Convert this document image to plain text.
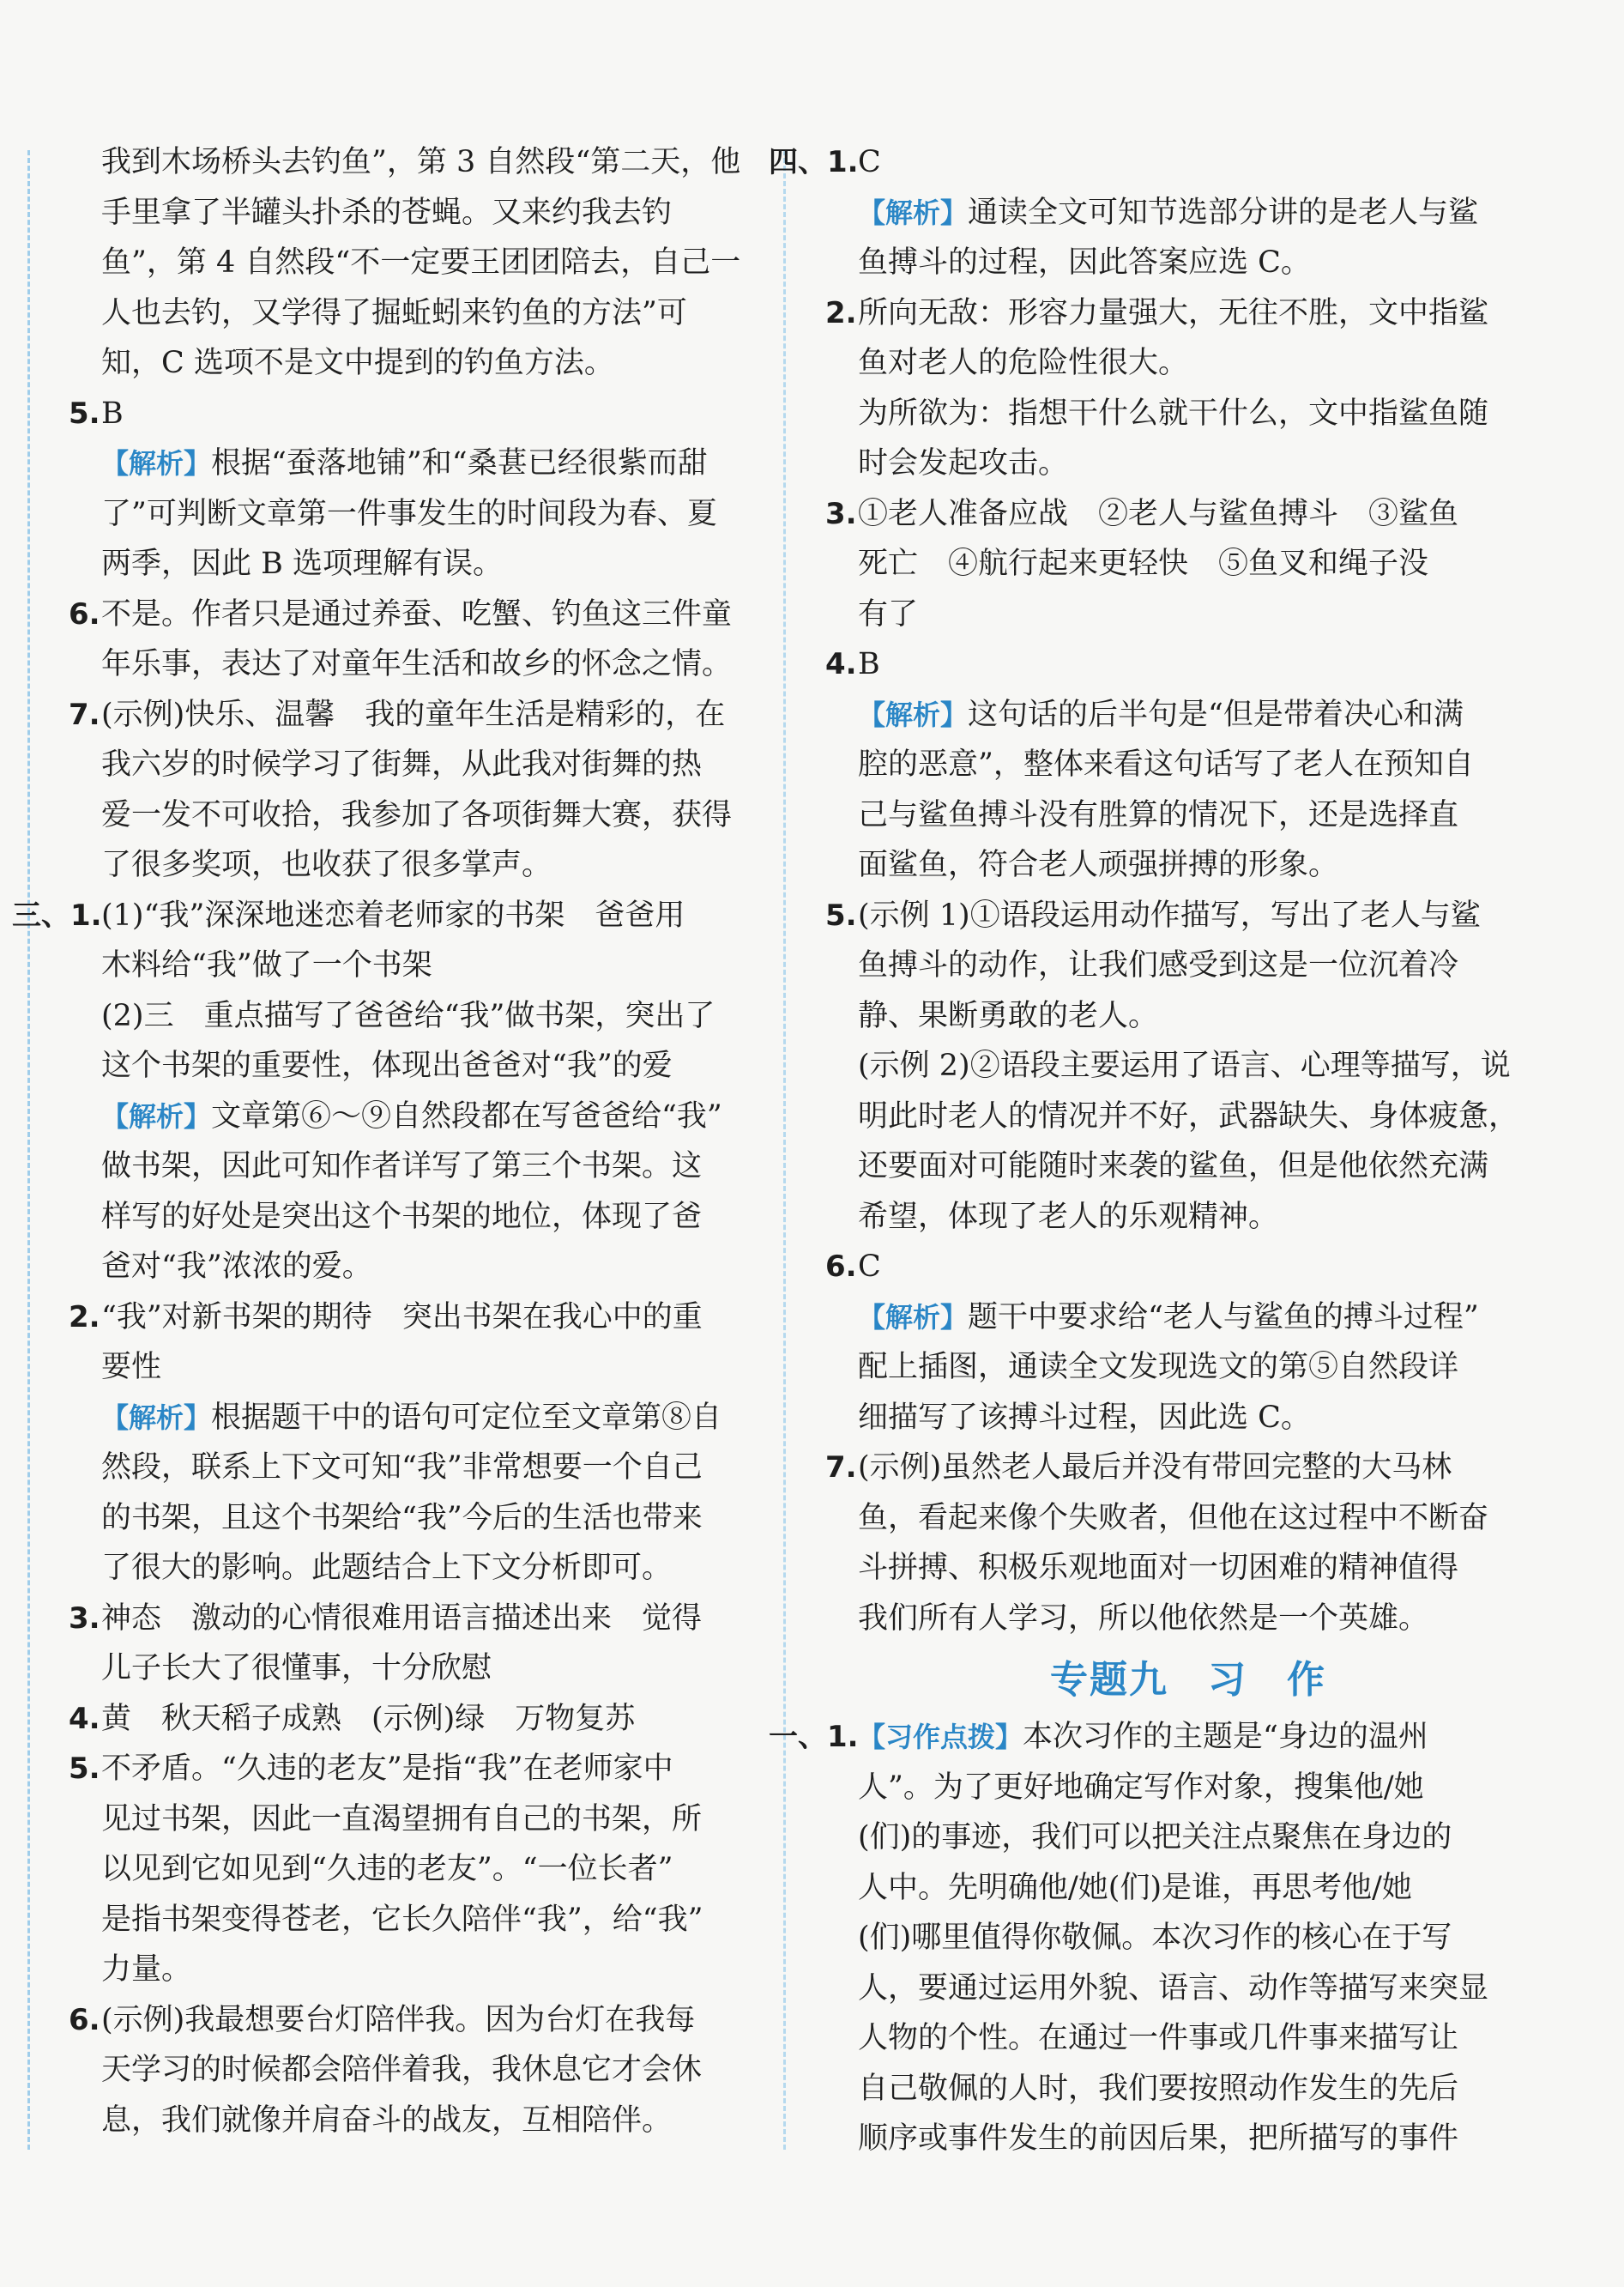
我到木场桥头去钓鱼”，第 3 自然段“第二天，他
手里拿了半罐头扑杀的苍蝇。又来约我去钓
鱼”，第 4 自然段“不一定要王团团陪去，自己一
人也去钓，又学得了掘蚯蚓来钓鱼的方法”可
知，C 选项不是文中提到的钓鱼方法。
5. B
【解析】根据“蚕落地铺”和“桑葚已经很紫而甜
了”可判断文章第一件事发生的时间段为春、夏
两季，因此 B 选项理解有误。
6. 不是。作者只是通过养蚕、吃蟹、钓鱼这三件童
年乐事，表达了对童年生活和故乡的怀念之情。
7. (示例)快乐、温馨　我的童年生活是精彩的，在
我六岁的时候学习了街舞，从此我对街舞的热
爱一发不可收拾，我参加了各项街舞大赛，获得
了很多奖项，也收获了很多掌声。
三、1. (1)“我”深深地迷恋着老师家的书架　爸爸用
木料给“我”做了一个书架
(2)三　重点描写了爸爸给“我”做书架，突出了
这个书架的重要性，体现出爸爸对“我”的爱
【解析】文章第⑥～⑨自然段都在写爸爸给“我”
做书架，因此可知作者详写了第三个书架。这
样写的好处是突出这个书架的地位，体现了爸
爸对“我”浓浓的爱。
2. “我”对新书架的期待　突出书架在我心中的重
要性
【解析】根据题干中的语句可定位至文章第⑧自
然段，联系上下文可知“我”非常想要一个自己
的书架，且这个书架给“我”今后的生活也带来
了很大的影响。此题结合上下文分析即可。
3. 神态　激动的心情很难用语言描述出来　觉得
儿子长大了很懂事，十分欣慰
4. 黄　秋天稻子成熟　(示例)绿　万物复苏
5. 不矛盾。“久违的老友”是指“我”在老师家中
见过书架，因此一直渴望拥有自己的书架，所
以见到它如见到“久违的老友”。“一位长者”
是指书架变得苍老，它长久陪伴“我”，给“我”
力量。
6. (示例)我最想要台灯陪伴我。因为台灯在我每
天学习的时候都会陪伴着我，我休息它才会休
息，我们就像并肩奋斗的战友，互相陪伴。
四、1. C
【解析】通读全文可知节选部分讲的是老人与鲨
鱼搏斗的过程，因此答案应选 C。
2. 所向无敌：形容力量强大，无往不胜，文中指鲨
鱼对老人的危险性很大。
为所欲为：指想干什么就干什么，文中指鲨鱼随
时会发起攻击。
3. ①老人准备应战　②老人与鲨鱼搏斗　③鲨鱼
死亡　④航行起来更轻快　⑤鱼叉和绳子没
有了
4. B
【解析】这句话的后半句是“但是带着决心和满
腔的恶意”，整体来看这句话写了老人在预知自
己与鲨鱼搏斗没有胜算的情况下，还是选择直
面鲨鱼，符合老人顽强拼搏的形象。
5. (示例 1)①语段运用动作描写，写出了老人与鲨
鱼搏斗的动作，让我们感受到这是一位沉着冷
静、果断勇敢的老人。
(示例 2)②语段主要运用了语言、心理等描写，说
明此时老人的情况并不好，武器缺失、身体疲惫，
还要面对可能随时来袭的鲨鱼，但是他依然充满
希望，体现了老人的乐观精神。
6. C
【解析】题干中要求给“老人与鲨鱼的搏斗过程”
配上插图，通读全文发现选文的第⑤自然段详
细描写了该搏斗过程，因此选 C。
7. (示例)虽然老人最后并没有带回完整的大马林
鱼，看起来像个失败者，但他在这过程中不断奋
斗拼搏、积极乐观地面对一切困难的精神值得
我们所有人学习，所以他依然是一个英雄。
专题九　习　作
一、1. 【习作点拨】本次习作的主题是“身边的温州
人”。为了更好地确定写作对象，搜集他/她
(们)的事迹，我们可以把关注点聚焦在身边的
人中。先明确他/她(们)是谁，再思考他/她
(们)哪里值得你敬佩。本次习作的核心在于写
人，要通过运用外貌、语言、动作等描写来突显
人物的个性。在通过一件事或几件事来描写让
自己敬佩的人时，我们要按照动作发生的先后
顺序或事件发生的前因后果，把所描写的事件
